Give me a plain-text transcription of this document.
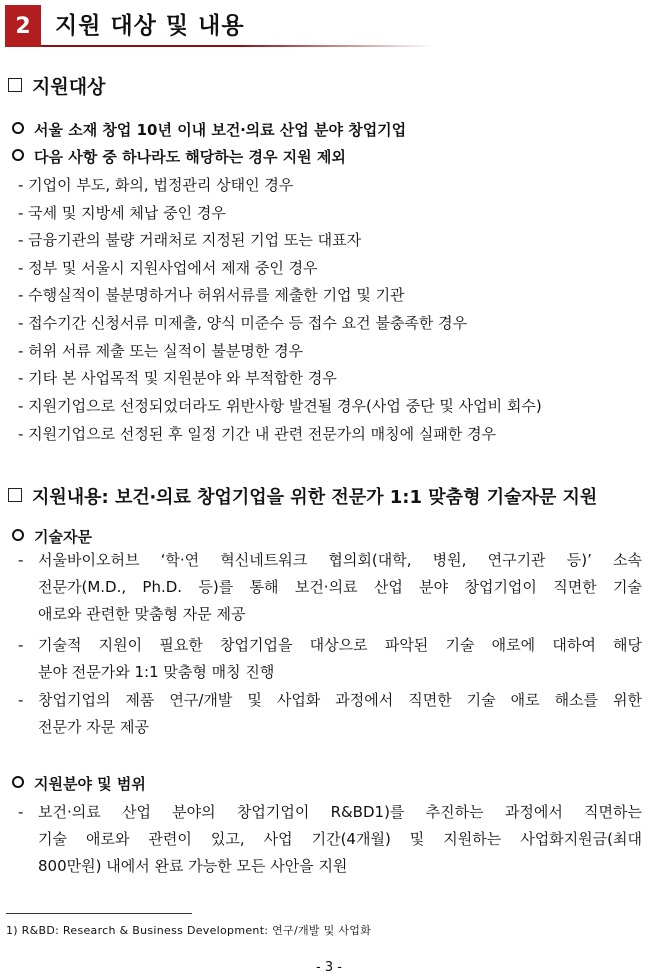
2	지원 대상 및 내용
지원대상
서울 소재 창업 10년 이내 보건‧의료 산업 분야 창업기업
다음 사항 중 하나라도 해당하는 경우 지원 제외
- 기업이 부도, 화의, 법정관리 상태인 경우
- 국세 및 지방세 체납 중인 경우
- 금융기관의 불량 거래처로 지정된 기업 또는 대표자
- 정부 및 서울시 지원사업에서 제재 중인 경우
- 수행실적이 불분명하거나 허위서류를 제출한 기업 및 기관
- 접수기간 신청서류 미제출, 양식 미준수 등 접수 요건 불충족한 경우
- 허위 서류 제출 또는 실적이 불분명한 경우
- 기타 본 사업목적 및 지원분야 와 부적합한 경우
- 지원기업으로 선정되었더라도 위반사항 발견될 경우(사업 중단 및 사업비 회수)
- 지원기업으로 선정된 후 일정 기간 내 관련 전문가의 매칭에 실패한 경우
지원내용: 보건‧의료 창업기업을 위한 전문가 1:1 맞춤형 기술자문 지원
기술자문
- 서울바이오허브 ‘학‧연 혁신네트워크 협의회(대학, 병원, 연구기관 등)’ 소속
전문가(M.D., Ph.D. 등)를 통해 보건‧의료 산업 분야 창업기업이 직면한 기술
애로와 관련한 맞춤형 자문 제공
- 기술적 지원이 필요한 창업기업을 대상으로 파악된 기술 애로에 대하여 해당
분야 전문가와 1:1 맞춤형 매칭 진행
- 창업기업의 제품 연구/개발 및 사업화 과정에서 직면한 기술 애로 해소를 위한
전문가 자문 제공
지원분야 및 범위
- 보건‧의료 산업 분야의 창업기업이 R&BD1)를 추진하는 과정에서 직면하는
기술 애로와 관련이 있고, 사업 기간(4개월) 및 지원하는 사업화지원금(최대
800만원) 내에서 완료 가능한 모든 사안을 지원
1) R&BD: Research & Business Development: 연구/개발 및 사업화
- 3 -
